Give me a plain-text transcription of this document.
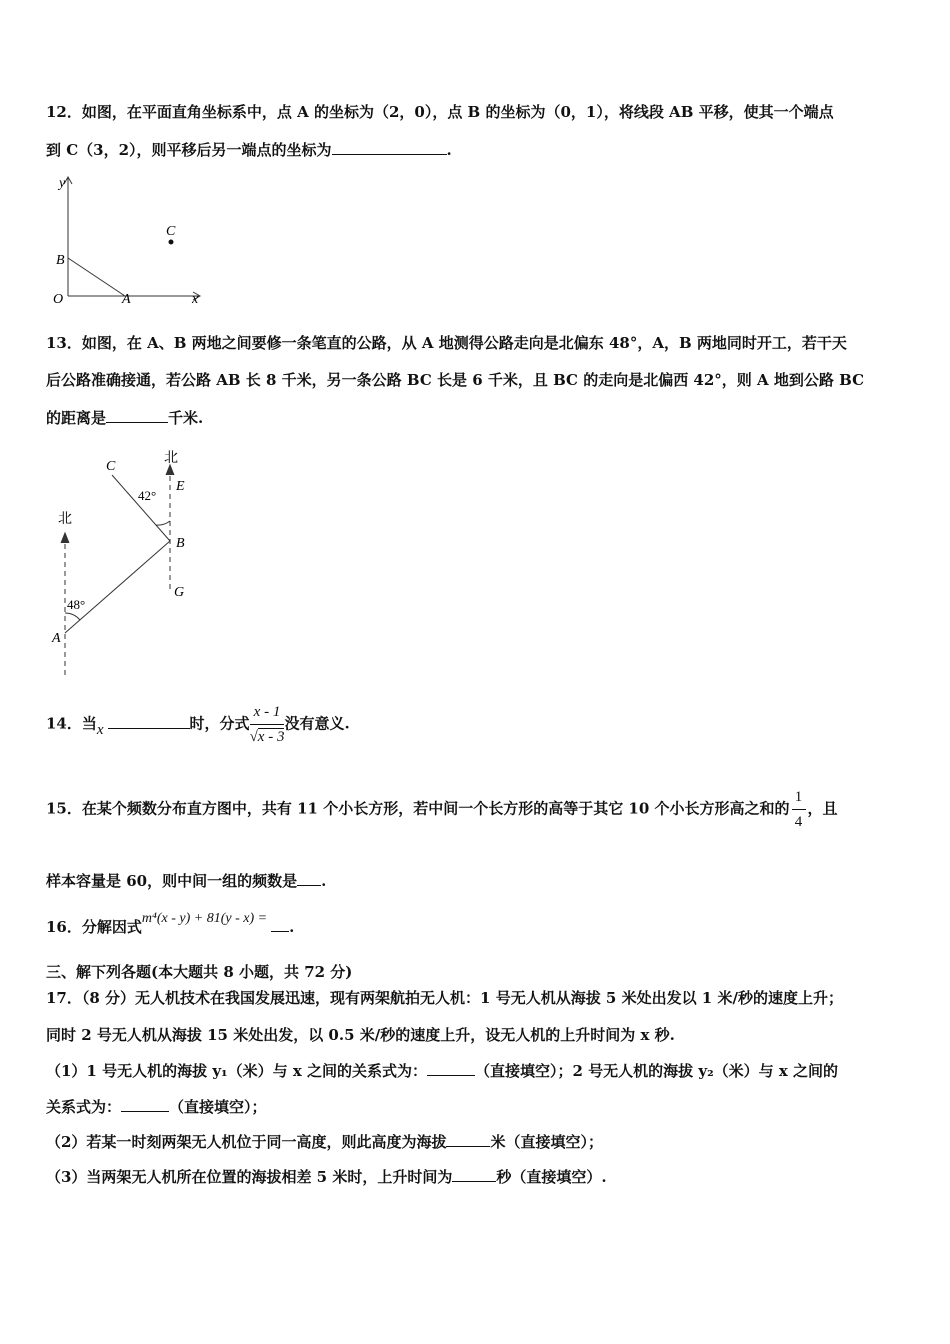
12．如图，在平面直角坐标系中，点 A 的坐标为（2，0），点 B 的坐标为（0，1），将线段 AB 平移，使其一个端点
到 C（3，2），则平移后另一端点的坐标为	.
y
B
O	A	x
C
13．如图，在 A、B 两地之间要修一条笔直的公路，从 A 地测得公路走向是北偏东 48°，A，B 两地同时开工，若干天
后公路准确接通，若公路 AB 长 8 千米，另一条公路 BC 长是 6 千米，且 BC 的走向是北偏西 42°，则 A 地到公路 BC
的距离是	千米.
北
北
C
E
B
G
42°
48°
A
14．当x	时，分式 $\frac{x - 1}{√x - 3}$ 没有意义.
15．在某个频数分布直方图中，共有 11 个小长方形，若中间一个长方形的高等于其它 10 个小长方形高之和的 $\frac{1}{4}$ ，且
样本容量是 60，则中间一组的频数是 .
16．分解因式m⁴(x - y) + 81(y - x) = .
三、解下列各题(本大题共 8 小题，共 72 分)
17．（8 分）无人机技术在我国发展迅速，现有两架航拍无人机：1 号无人机从海拔 5 米处出发以 1 米/秒的速度上升；
同时 2 号无人机从海拔 15 米处出发，以 0.5 米/秒的速度上升，设无人机的上升时间为 x 秒.
（1）1 号无人机的海拔 y₁（米）与 x 之间的关系式为：	（直接填空）；2 号无人机的海拔 y₂（米）与 x 之间的
关系式为：	（直接填空）；
（2）若某一时刻两架无人机位于同一高度，则此高度为海拔	米（直接填空）；
（3）当两架无人机所在位置的海拔相差 5 米时，上升时间为	秒（直接填空）.
